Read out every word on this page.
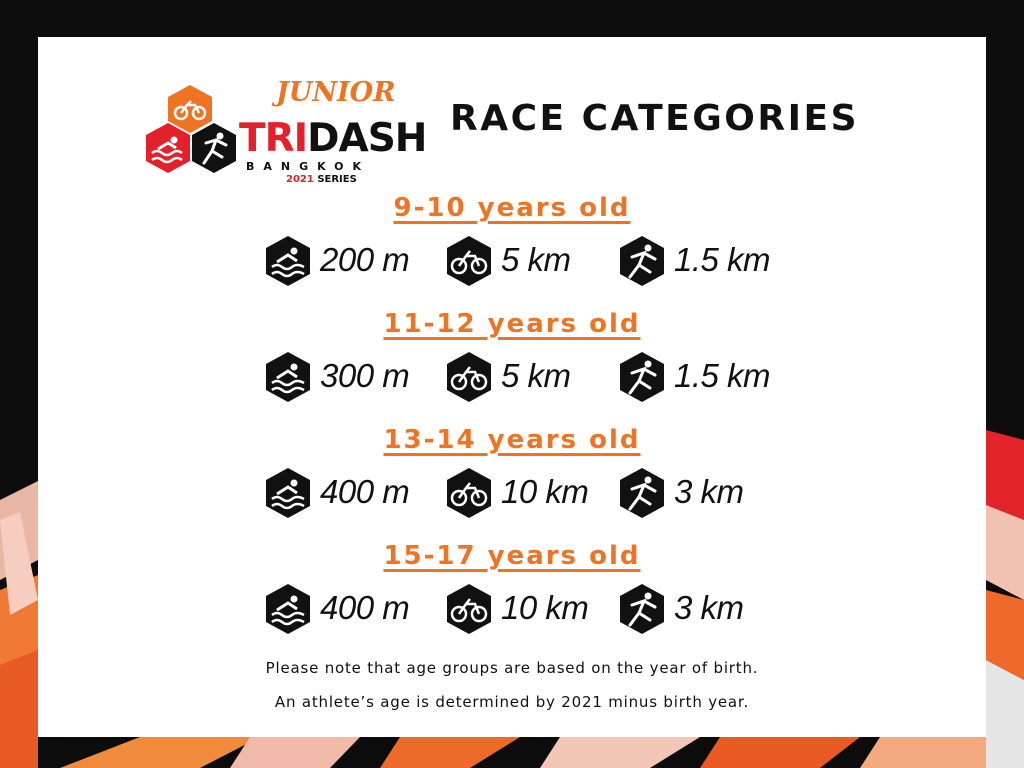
JUNIOR
TRIDASH
BANGKOK
2021 SERIES
RACE CATEGORIES
9-10 years old
200 m	5 km	1.5 km
11-12 years old
300 m	5 km	1.5 km
13-14 years old
400 m	10 km	3 km
15-17 years old
400 m	10 km	3 km
Please note that age groups are based on the year of birth.
An athlete’s age is determined by 2021 minus birth year.
